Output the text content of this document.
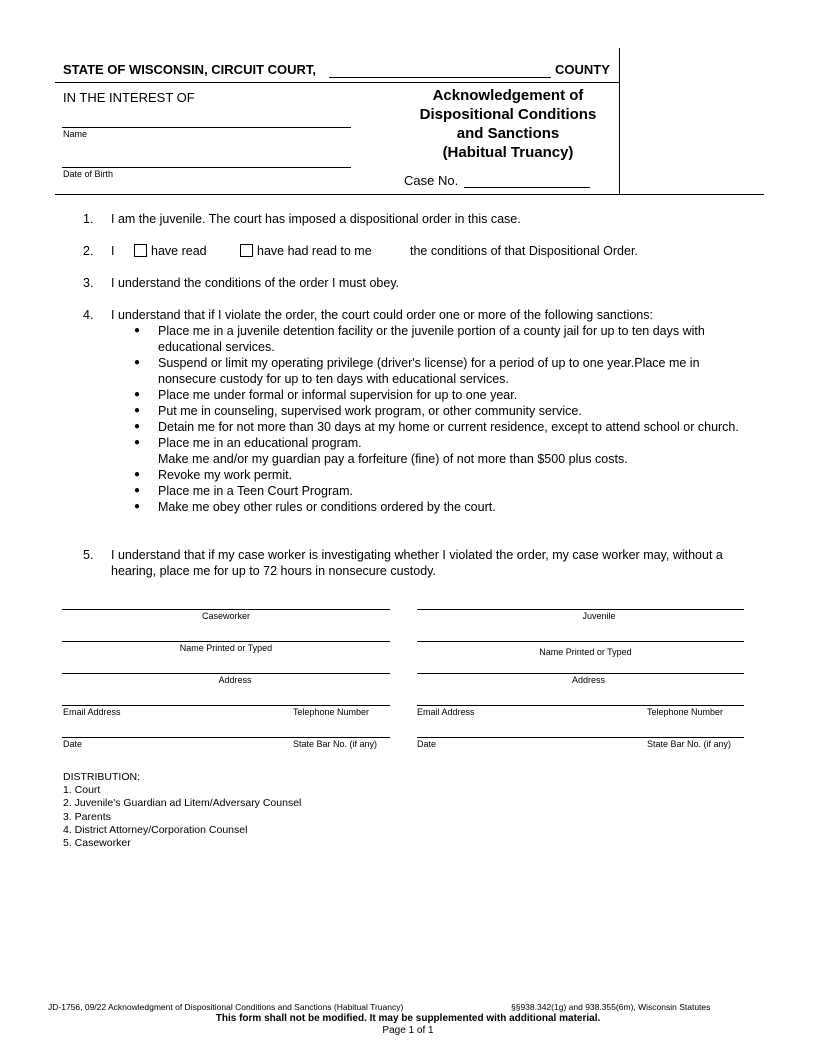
STATE OF WISCONSIN, CIRCUIT COURT,	COUNTY
IN THE INTEREST OF
Name
Date of Birth
Acknowledgement of
Dispositional Conditions
and Sanctions
(Habitual Truancy)
Case No.
1. I am the juvenile. The court has imposed a dispositional order in this case.
2. I	have read	have had read to me	the conditions of that Dispositional Order.
3. I understand the conditions of the order I must obey.
4. I understand that if I violate the order, the court could order one or more of the following sanctions:
● Place me in a juvenile detention facility or the juvenile portion of a county jail for up to ten days with educational services.
● Suspend or limit my operating privilege (driver's license) for a period of up to one year.Place me in nonsecure custody for up to ten days with educational services.
● Place me under formal or informal supervision for up to one year.
● Put me in counseling, supervised work program, or other community service.
● Detain me for not more than 30 days at my home or current residence, except to attend school or church.
● Place me in an educational program.
Make me and/or my guardian pay a forfeiture (fine) of not more than $500 plus costs.
● Revoke my work permit.
● Place me in a Teen Court Program.
● Make me obey other rules or conditions ordered by the court.
5. I understand that if my case worker is investigating whether I violated the order, my case worker may, without a hearing, place me for up to 72 hours in nonsecure custody.
Caseworker
Name Printed or Typed
Address
Email Address	Telephone Number
Date	State Bar No. (if any)
Juvenile
Name Printed or Typed
Address
Email Address	Telephone Number
Date	State Bar No. (if any)
DISTRIBUTION:
1. Court
2. Juvenile's Guardian ad Litem/Adversary Counsel
3. Parents
4. District Attorney/Corporation Counsel
5. Caseworker
JD-1756, 09/22 Acknowledgment of Dispositional Conditions and Sanctions (Habitual Truancy)	§§938.342(1g) and 938.355(6m), Wisconsin Statutes
This form shall not be modified. It may be supplemented with additional material.
Page 1 of 1
